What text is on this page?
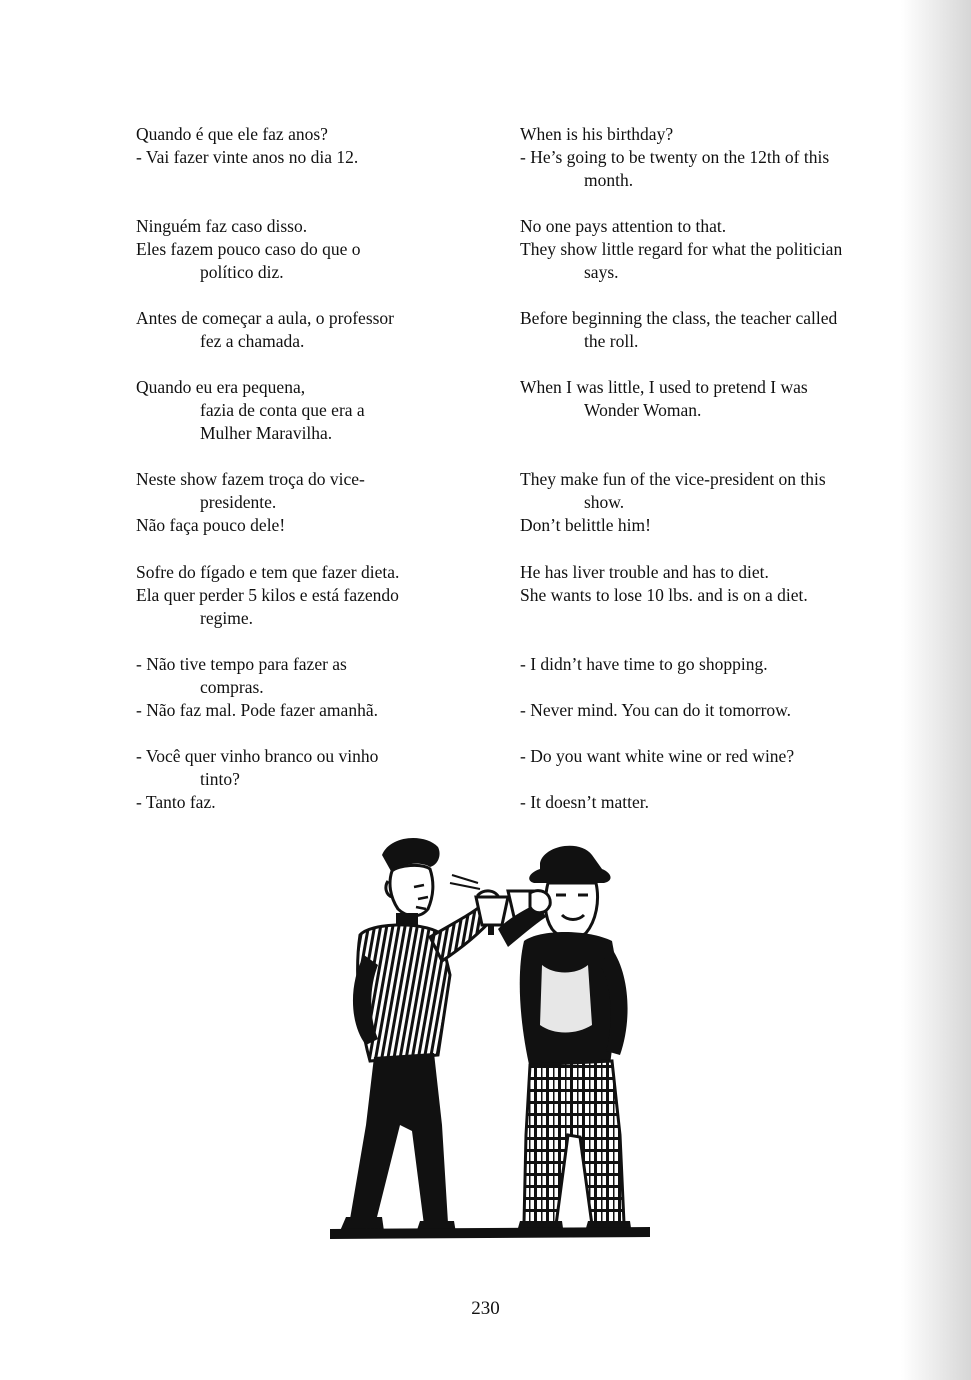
Quando é que ele faz anos?
- Vai fazer vinte anos no dia 12.
Ninguém faz caso disso.
Eles fazem pouco caso do que o
político diz.
Antes de começar a aula, o professor
fez a chamada.
Quando eu era pequena,
fazia de conta que era a
Mulher Maravilha.
Neste show fazem troça do vice-
presidente.
Não faça pouco dele!
Sofre do fígado e tem que fazer dieta.
Ela quer perder 5 kilos e está fazendo
regime.
- Não tive tempo para fazer as
compras.
- Não faz mal. Pode fazer amanhã.
- Você quer vinho branco ou vinho
tinto?
- Tanto faz.
When is his birthday?
- He’s going to be twenty on the 12th of this
month.
No one pays attention to that.
They show little regard for what the politician
says.
Before beginning the class, the teacher called
the roll.
When I was little, I used to pretend I was
Wonder Woman.
They make fun of the vice-president on this
show.
Don’t belittle him!
He has liver trouble and has to diet.
She wants to lose 10 lbs. and is on a diet.
- I didn’t have time to go shopping.
- Never mind. You can do it tomorrow.
- Do you want white wine or red wine?
- It doesn’t matter.
230
